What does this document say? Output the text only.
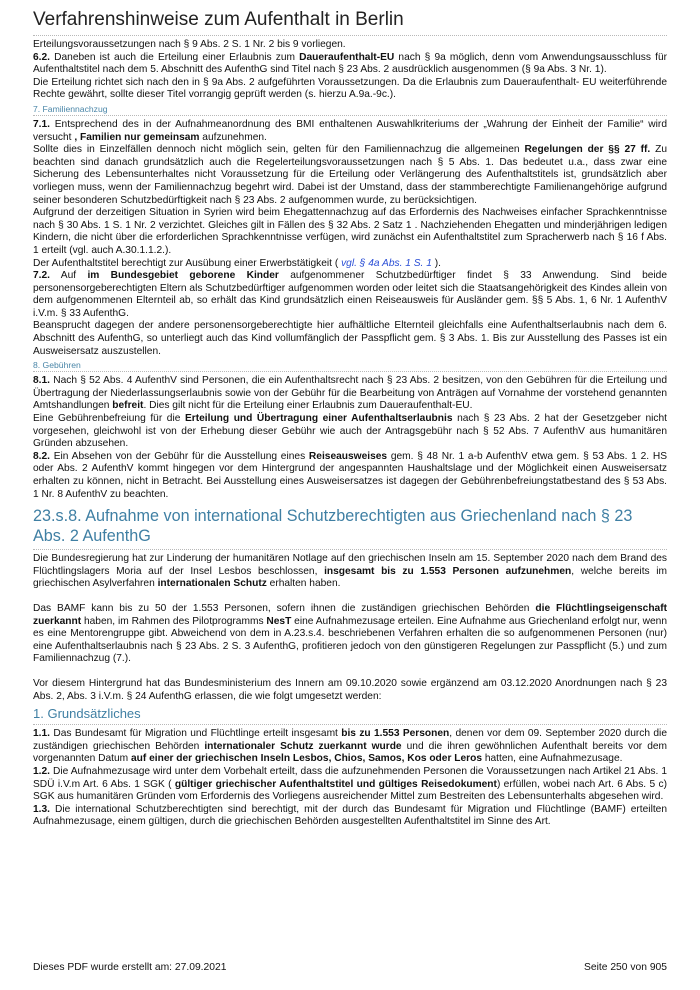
Verfahrenshinweise zum Aufenthalt in Berlin

Erteilungsvoraussetzungen nach § 9 Abs. 2 S. 1 Nr. 2 bis 9 vorliegen.

6.2. Daneben ist auch die Erteilung einer Erlaubnis zum Daueraufenthalt-EU nach § 9a möglich, denn vom Anwendungsausschluss für Aufenthaltstitel nach dem 5. Abschnitt des AufenthG sind Titel nach § 23 Abs. 2 ausdrücklich ausgenommen (§ 9a Abs. 3 Nr. 1).

Die Erteilung richtet sich nach den in § 9a Abs. 2 aufgeführten Voraussetzungen. Da die Erlaubnis zum Daueraufenthalt- EU weiterführende Rechte gewährt, sollte dieser Titel vorrangig geprüft werden (s. hierzu A.9a.-9c.).

7. Familiennachzug

7.1. Entsprechend des in der Aufnahmeanordnung des BMI enthaltenen Auswahlkriteriums der „Wahrung der Einheit der Familie“ wird versucht , Familien nur gemeinsam aufzunehmen.

Sollte dies in Einzelfällen dennoch nicht möglich sein, gelten für den Familiennachzug die allgemeinen Regelungen der §§ 27 ff. Zu beachten sind danach grundsätzlich auch die Regelerteilungsvoraussetzungen nach § 5 Abs. 1. Das bedeutet u.a., dass zwar eine Sicherung des Lebensunterhaltes nicht Voraussetzung für die Erteilung oder Verlängerung des Aufenthaltstitels ist, grundsätzlich aber vorliegen muss, wenn der Familiennachzug begehrt wird. Dabei ist der Umstand, dass der stammberechtigte Familienangehörige aufgrund seiner besonderen Schutzbedürftigkeit nach § 23 Abs. 2 aufgenommen wurde, zu berücksichtigen.

Aufgrund der derzeitigen Situation in Syrien wird beim Ehegattennachzug auf das Erfordernis des Nachweises einfacher Sprachkenntnisse nach § 30 Abs. 1 S. 1 Nr. 2 verzichtet. Gleiches gilt in Fällen des § 32 Abs. 2 Satz 1 . Nachziehenden Ehegatten und minderjährigen ledigen Kindern, die nicht über die erforderlichen Sprachkenntnisse verfügen, wird zunächst ein Aufenthaltstitel zum Spracherwerb nach § 16 f Abs. 1 erteilt (vgl. auch A.30.1.1.2.).

Der Aufenthaltstitel berechtigt zur Ausübung einer Erwerbstätigkeit ( vgl. § 4a Abs. 1 S. 1 ).

7.2. Auf im Bundesgebiet geborene Kinder aufgenommener Schutzbedürftiger findet § 33 Anwendung. Sind beide personensorgeberechtigten Eltern als Schutzbedürftiger aufgenommen worden oder leitet sich die Staatsangehörigkeit des Kindes allein von dem aufgenommenen Elternteil ab, so erhält das Kind grundsätzlich einen Reiseausweis für Ausländer gem. §§ 5 Abs. 1, 6 Nr. 1 AufenthV i.V.m. § 33 AufenthG.

Beansprucht dagegen der andere personensorgeberechtigte hier aufhältliche Elternteil gleichfalls eine Aufenthaltserlaubnis nach dem 6. Abschnitt des AufenthG, so unterliegt auch das Kind vollumfänglich der Passpflicht gem. § 3 Abs. 1. Bis zur Ausstellung des Passes ist ein Ausweisersatz auszustellen.

8. Gebühren

8.1. Nach § 52 Abs. 4 AufenthV sind Personen, die ein Aufenthaltsrecht nach § 23 Abs. 2 besitzen, von den Gebühren für die Erteilung und Übertragung der Niederlassungserlaubnis sowie von der Gebühr für die Bearbeitung von Anträgen auf Vornahme der vorstehend genannten Amtshandlungen befreit. Dies gilt nicht für die Erteilung einer Erlaubnis zum Daueraufenthalt-EU.

Eine Gebührenbefreiung für die Erteilung und Übertragung einer Aufenthaltserlaubnis nach § 23 Abs. 2 hat der Gesetzgeber nicht vorgesehen, gleichwohl ist von der Erhebung dieser Gebühr wie auch der Antragsgebühr nach § 52 Abs. 7 AufenthV aus humanitären Gründen abzusehen.

8.2. Ein Absehen von der Gebühr für die Ausstellung eines Reiseausweises gem. § 48 Nr. 1 a-b AufenthV etwa gem. § 53 Abs. 1 2. HS oder Abs. 2 AufenthV kommt hingegen vor dem Hintergrund der angespannten Haushaltslage und der Möglichkeit einen Ausweisersatz erhalten zu können, nicht in Betracht. Bei Ausstellung eines Ausweisersatzes ist dagegen der Gebührenbefreiungstatbestand des § 53 Abs. 1 Nr. 8 AufenthV zu beachten.

23.s.8. Aufnahme von international Schutzberechtigten aus Griechenland nach § 23 Abs. 2 AufenthG

Die Bundesregierung hat zur Linderung der humanitären Notlage auf den griechischen Inseln am 15. September 2020 nach dem Brand des Flüchtlingslagers Moria auf der Insel Lesbos beschlossen, insgesamt bis zu 1.553 Personen aufzunehmen, welche bereits im griechischen Asylverfahren internationalen Schutz erhalten haben.

Das BAMF kann bis zu 50 der 1.553 Personen, sofern ihnen die zuständigen griechischen Behörden die Flüchtlingseigenschaft zuerkannt haben, im Rahmen des Pilotprogramms NesT eine Aufnahmezusage erteilen. Eine Aufnahme aus Griechenland erfolgt nur, wenn es eine Mentorengruppe gibt. Abweichend von dem in A.23.s.4. beschriebenen Verfahren erhalten die so aufgenommenen Personen (nur) eine Aufenthaltserlaubnis nach § 23 Abs. 2 S. 3 AufenthG, profitieren jedoch von den günstigeren Regelungen zur Passpflicht (5.) und zum Familiennachzug (7.).

Vor diesem Hintergrund hat das Bundesministerium des Innern am 09.10.2020 sowie ergänzend am 03.12.2020 Anordnungen nach § 23 Abs. 2, Abs. 3 i.V.m. § 24 AufenthG erlassen, die wie folgt umgesetzt werden:

1. Grundsätzliches

1.1. Das Bundesamt für Migration und Flüchtlinge erteilt insgesamt bis zu 1.553 Personen, denen vor dem 09. September 2020 durch die zuständigen griechischen Behörden internationaler Schutz zuerkannt wurde und die ihren gewöhnlichen Aufenthalt bereits vor dem vorgenannten Datum auf einer der griechischen Inseln Lesbos, Chios, Samos, Kos oder Leros hatten, eine Aufnahmezusage.

1.2. Die Aufnahmezusage wird unter dem Vorbehalt erteilt, dass die aufzunehmenden Personen die Voraussetzungen nach Artikel 21 Abs. 1 SDÜ i.V.m Art. 6 Abs. 1 SGK ( gültiger griechischer Aufenthaltstitel und gültiges Reisedokument) erfüllen, wobei nach Art. 6 Abs. 5 c) SGK aus humanitären Gründen vom Erfordernis des Vorliegens ausreichender Mittel zum Bestreiten des Lebensunterhalts abgesehen wird.

1.3. Die international Schutzberechtigten sind berechtigt, mit der durch das Bundesamt für Migration und Flüchtlinge (BAMF) erteilten Aufnahmezusage, einem gültigen, durch die griechischen Behörden ausgestellten Aufenthaltstitel im Sinne des Art.

Dieses PDF wurde erstellt am: 27.09.2021	Seite 250 von 905
